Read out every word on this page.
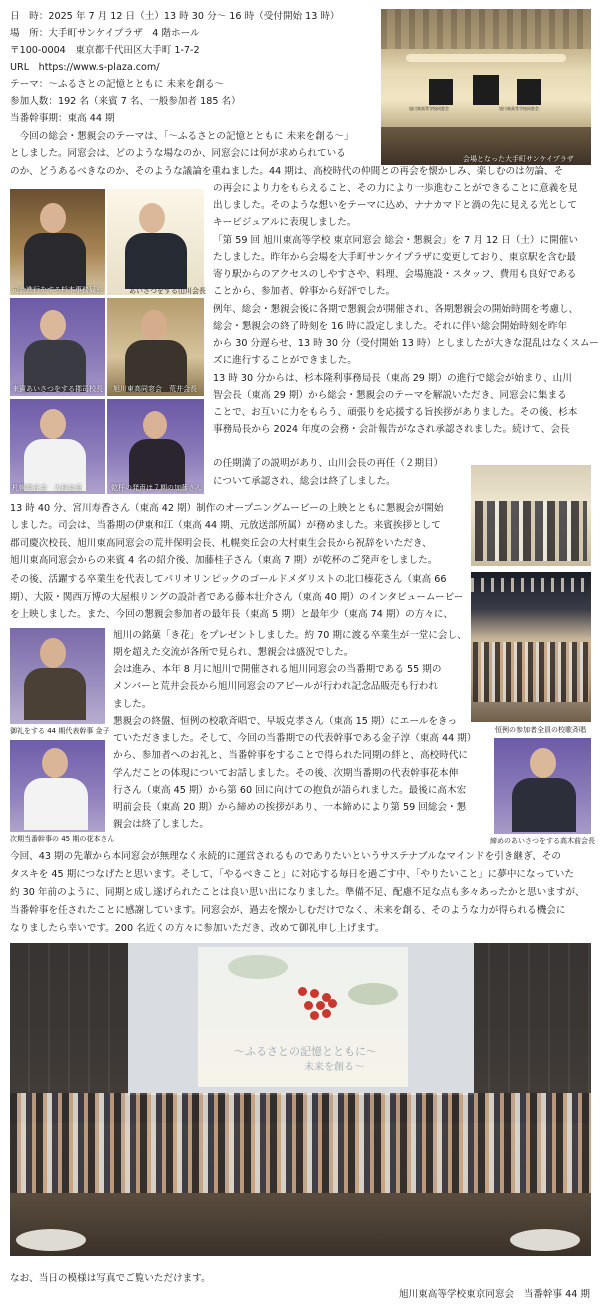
日　時：2025 年 7 月 12 日（土）13 時 30 分〜 16 時（受付開始 13 時）
場　所：大手町サンケイプラザ　4 階ホール
〒100-0004　東京都千代田区大手町 1-7-2
URL　https://www.s-plaza.com/
テーマ：〜ふるさとの記憶とともに 未来を創る〜
参加人数：192 名（来賓 7 名、一般参加者 185 名）
当番幹事期：東高 44 期
　今回の総会・懇親会のテーマは、「〜ふるさとの記憶とともに 未来を創る〜」
としました。同窓会は、どのような場なのか、同窓会には何が求められている
のか、どうあるべきなのか、そのような議論を重ねました。44 期は、高校時代の仲間との再会を懐かしみ、楽しむのは勿論、そ
旭川東高等学校同窓会	旭川東高等学校同窓会
会場となった大手町サンケイプラザ
司会進行をする杉本事務局長	あいさつをする山川会長
来賓あいさつをする郡司校長 旭川東高同窓会　荒井会長
札幌奕丘会　大村会長	乾杯の発声は７期の加藤さん
の再会により力をもらえること、その力により一歩進むことができることに意義を見
出しました。そのような想いをテーマに込め、ナナカマドと渦の先に見える光として
キービジュアルに表現しました。
「第 59 回 旭川東高等学校 東京同窓会 総会・懇親会」を 7 月 12 日（土）に開催い
たしました。昨年から会場を大手町サンケイプラザに変更しており、東京駅を含む最
寄り駅からのアクセスのしやすさや、料理、会場施設・スタッフ、費用も良好である
ことから、参加者、幹事から好評でした。
例年、総会・懇親会後に各期で懇親会が開催され、各期懇親会の開始時間を考慮し、
総会・懇親会の終了時刻を 16 時に設定しました。それに伴い総会開始時刻を昨年
から 30 分遅らせ、13 時 30 分（受付開始 13 時）としましたが大きな混乱はなくスムー
ズに進行することができました。
13 時 30 分からは、杉本隆利事務局長（東高 29 期）の進行で総会が始まり、山川
智会長（東高 29 期）から総会・懇親会のテーマを解説いただき、同窓会に集まる
ことで、お互いに力をもらう、頑張りを応援する旨挨拶がありました。その後、杉本
事務局長から 2024 年度の会務・会計報告がなされ承認されました。続けて、会長
の任期満了の説明があり、山川会長の再任（２期目）
について承認され、総会は終了しました。
13 時 40 分、宮川寿香さん（東高 42 期）制作のオープニングムービーの上映とともに懇親会が開始
しました。司会は、当番期の伊東和江（東高 44 期、元放送部所属）が務めました。来賓挨拶として
郡司慶次校長、旭川東高同窓会の荒井保明会長、札幌奕丘会の大村東生会長から祝辞をいただき、
旭川東高同窓会からの来賓 4 名の紹介後、加藤桂子さん（東高 7 期）が乾杯のご発声をしました。
その後、活躍する卒業生を代表してパリオリンピックのゴールドメダリストの北口榛花さん（東高 66
期）、大阪・関西万博の大屋根リングの設計者である藤本壮介さん（東高 40 期）のインタビュームービー
を上映しました。また、今回の懇親会参加者の最年長（東高 5 期）と最年少（東高 74 期）の方々に、
恒例の参加者全員の校歌斉唱
御礼をする 44 期代表幹事 金子
旭川の銘菓「き花」をプレゼントしました。約 70 期に渡る卒業生が一堂に会し、
期を超えた交流が各所で見られ、懇親会は盛況でした。
会は進み、本年 8 月に旭川で開催される旭川同窓会の当番期である 55 期の
メンバーと荒井会長から旭川同窓会のアピールが行われ記念品販売も行われ
ました。
懇親会の終盤、恒例の校歌斉唱で、早坂克孝さん（東高 15 期）にエールをきっ
ていただきました。そして、今回の当番期での代表幹事である金子淳（東高 44 期）
から、参加者へのお礼と、当番幹事をすることで得られた同期の絆と、高校時代に
学んだことの体現についてお話しました。その後、次期当番期の代表幹事花本伸
行さん（東高 45 期）から第 60 回に向けての抱負が語られました。最後に高木宏
明前会長（東高 20 期）から締めの挨拶があり、一本締めにより第 59 回総会・懇
親会は終了しました。
次期当番幹事の 45 期の花本さん	締めのあいさつをする高木前会長
今回、43 期の先輩から本同窓会が無理なく永続的に運営されるものでありたいというサステナブルなマインドを引き継ぎ、その
タスキを 45 期につなげたと思います。そして、「やるべきこと」に対応する毎日を過ごす中、「やりたいこと」に夢中になっていた
約 30 年前のように、同期と成し遂げられたことは良い思い出になりました。準備不足、配慮不足な点も多々あったかと思いますが、
当番幹事を任されたことに感謝しています。同窓会が、過去を懐かしむだけでなく、未来を創る、そのような力が得られる機会に
なりましたら幸いです。200 名近くの方々に参加いただき、改めて御礼申し上げます。
〜ふるさとの記憶とともに〜
未来を創る〜
なお、当日の模様は写真でご覧いただけます。
旭川東高等学校東京同窓会　当番幹事 44 期
